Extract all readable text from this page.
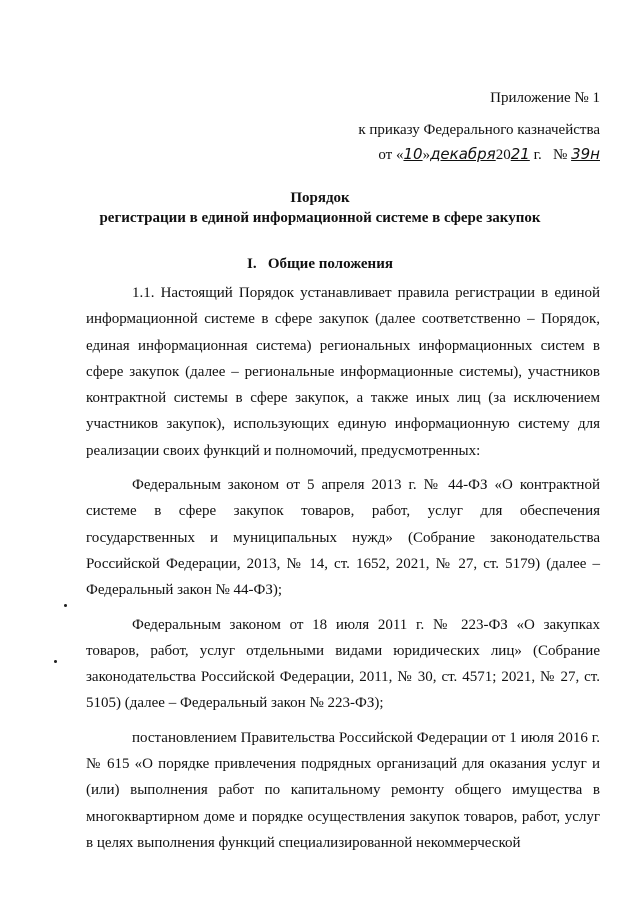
Приложение № 1
к приказу Федерального казначейства
от «10»декабря2021 г.   № 39н
Порядок
регистрации в единой информационной системе в сфере закупок
I.   Общие положения

1.1. Настоящий Порядок устанавливает правила регистрации в единой информационной системе в сфере закупок (далее соответственно – Порядок, единая информационная система) региональных информационных систем в сфере закупок (далее – региональные информационные системы), участников контрактной системы в сфере закупок, а также иных лиц (за исключением участников закупок), использующих единую информационную систему для реализации своих функций и полномочий, предусмотренных:

Федеральным законом от 5 апреля 2013 г. № 44-ФЗ «О контрактной системе в сфере закупок товаров, работ, услуг для обеспечения государственных и муниципальных нужд» (Собрание законодательства Российской Федерации, 2013, № 14, ст. 1652, 2021, № 27, ст. 5179) (далее – Федеральный закон № 44-ФЗ);

Федеральным законом от 18 июля 2011 г. № 223-ФЗ «О закупках товаров, работ, услуг отдельными видами юридических лиц» (Собрание законодательства Российской Федерации, 2011, № 30, ст. 4571; 2021, № 27, ст. 5105) (далее – Федеральный закон № 223-ФЗ);

постановлением Правительства Российской Федерации от 1 июля 2016 г. № 615 «О порядке привлечения подрядных организаций для оказания услуг и (или) выполнения работ по капитальному ремонту общего имущества в многоквартирном доме и порядке осуществления закупок товаров, работ, услуг в целях выполнения функций специализированной некоммерческой
